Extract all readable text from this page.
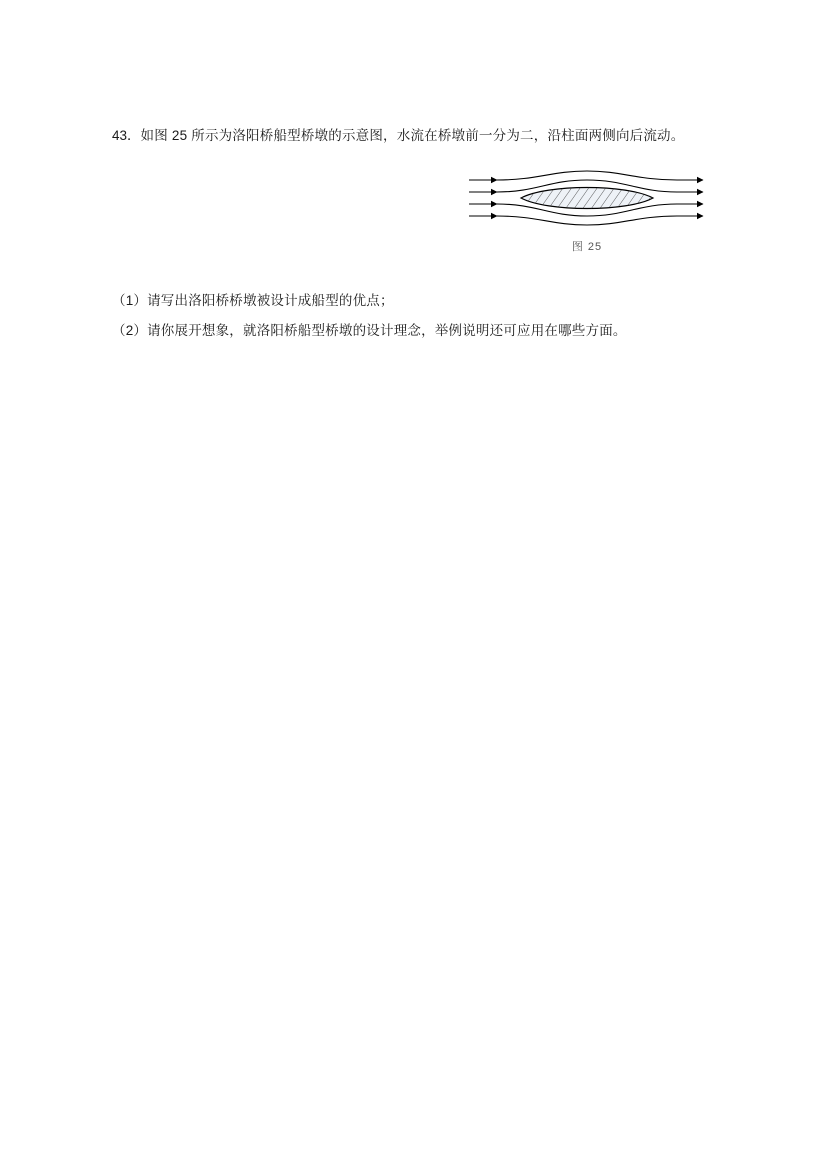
43．如图 25 所示为洛阳桥船型桥墩的示意图，水流在桥墩前一分为二，沿柱面两侧向后流动。
图 25
（1）请写出洛阳桥桥墩被设计成船型的优点；
（2）请你展开想象，就洛阳桥船型桥墩的设计理念，举例说明还可应用在哪些方面。
